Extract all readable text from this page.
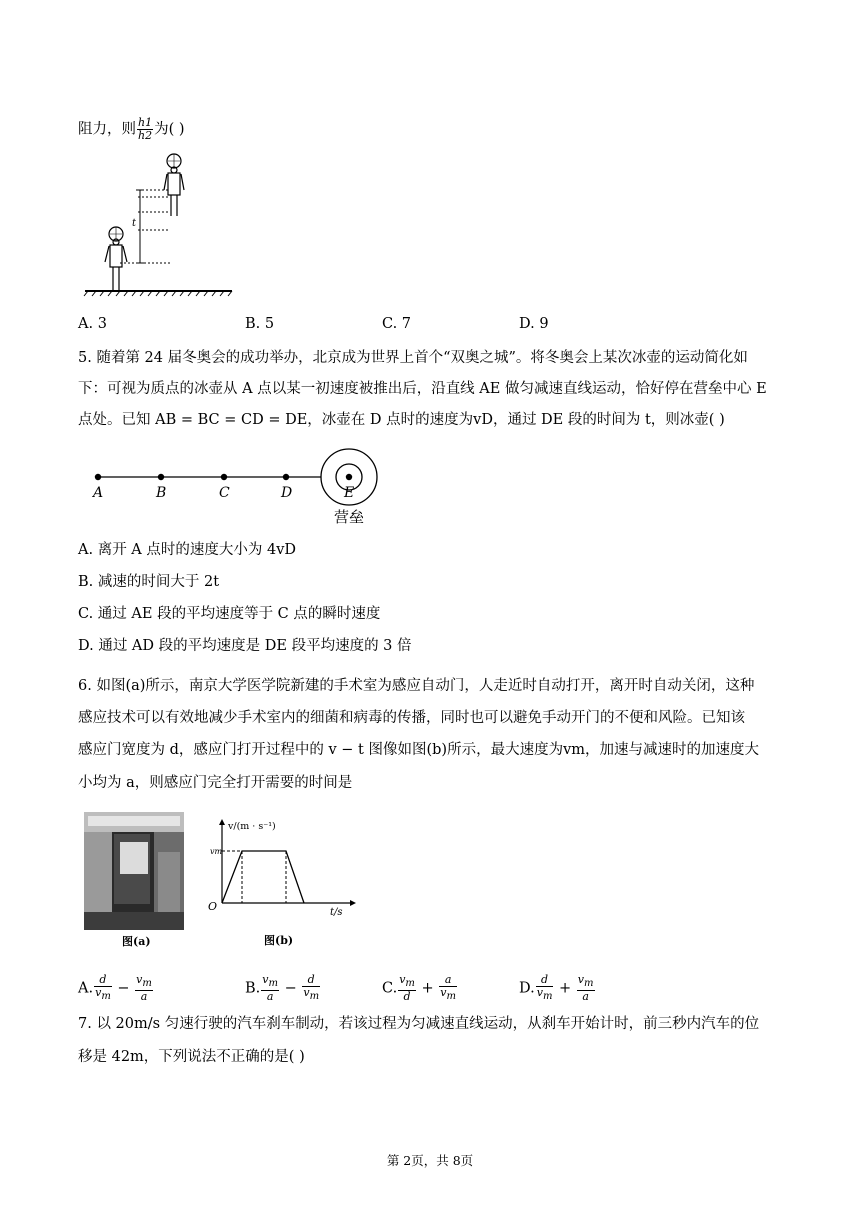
阻力，则 $\frac{h1}{h2}$ 为( )
t
A. 3	B. 5	C. 7	D. 9
5. 随着第 24 届冬奥会的成功举办，北京成为世界上首个“双奥之城”。将冬奥会上某次冰壶的运动简化如
下：可视为质点的冰壶从 A 点以某一初速度被推出后，沿直线 AE 做匀减速直线运动，恰好停在营垒中心 E
点处。已知 AB = BC = CD = DE，冰壶在 D 点时的速度为vD，通过 DE 段的时间为 t，则冰壶( )
A	B	C	D	E
营垒
A. 离开 A 点时的速度大小为 4vD
B. 减速的时间大于 2t
C. 通过 AE 段的平均速度等于 C 点的瞬时速度
D. 通过 AD 段的平均速度是 DE 段平均速度的 3 倍
6. 如图(a)所示，南京大学医学院新建的手术室为感应自动门，人走近时自动打开，离开时自动关闭，这种
感应技术可以有效地减少手术室内的细菌和病毒的传播，同时也可以避免手动开门的不便和风险。已知该
感应门宽度为 d，感应门打开过程中的 v − t 图像如图(b)所示，最大速度为vm，加速与减速时的加速度大
小均为 a，则感应门完全打开需要的时间是
图(a)
v/(m · s⁻¹)
vm
O	t/s
图(b)
A. $\frac{d}{v_m} - \frac{v_m}{a}$	B. $\frac{v_m}{a} - \frac{d}{v_m}$	C. $\frac{v_m}{d} + \frac{a}{v_m}$	D. $\frac{d}{v_m} + \frac{v_m}{a}$
7. 以 20m/s 匀速行驶的汽车刹车制动，若该过程为匀减速直线运动，从刹车开始计时，前三秒内汽车的位
移是 42m，下列说法不正确的是( )
第 2页，共 8页
